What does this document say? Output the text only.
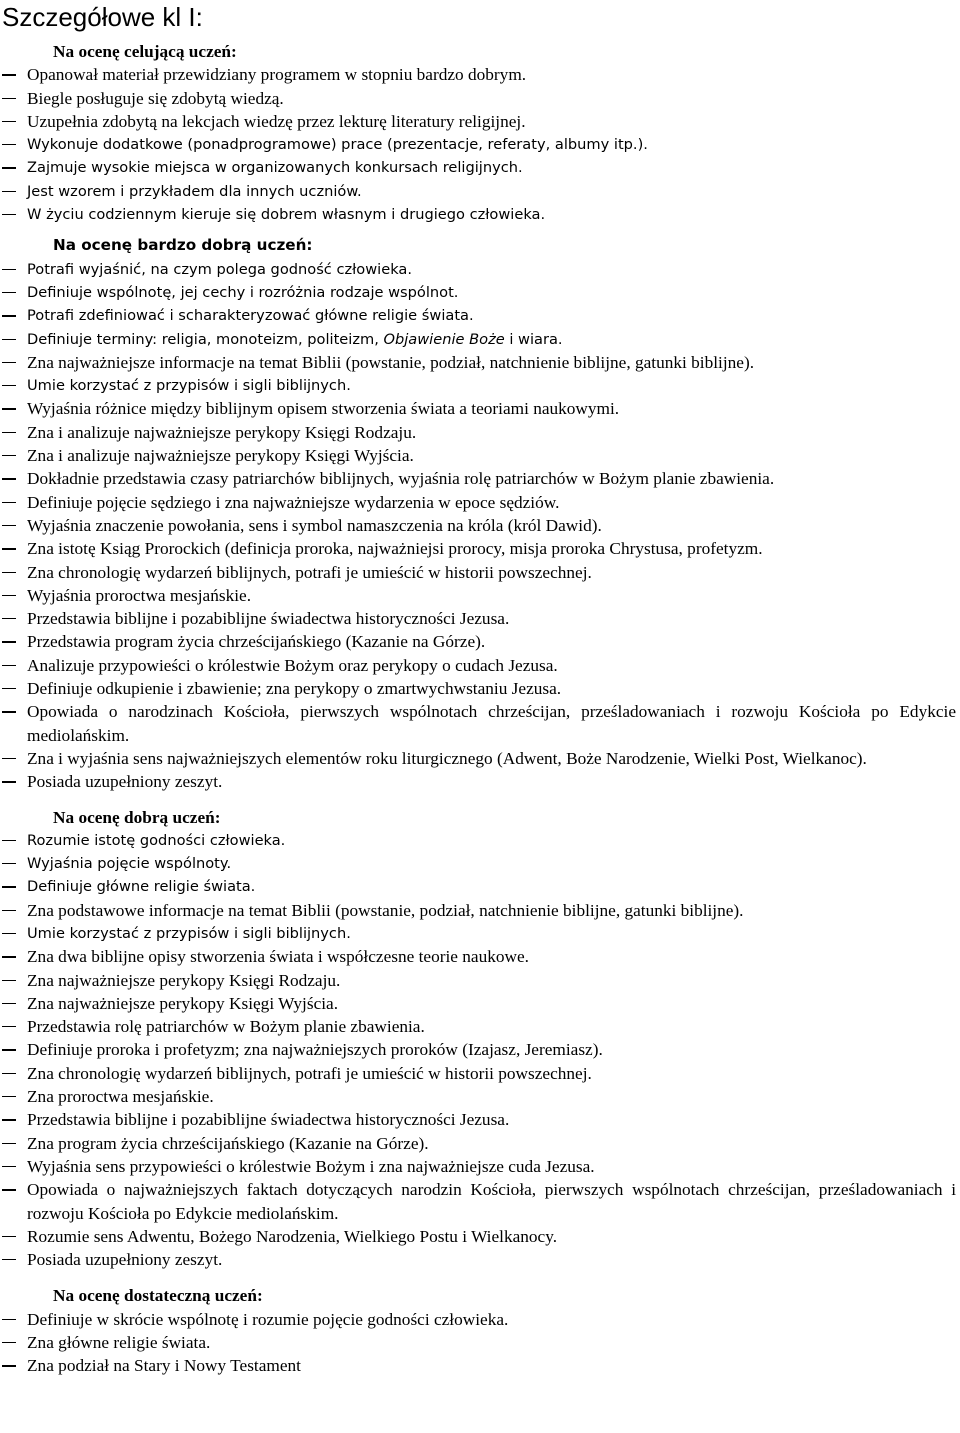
Szczegółowe kl I:

Na ocenę celującą uczeń:

Opanował materiał przewidziany programem w stopniu bardzo dobrym.
Biegle posługuje się zdobytą wiedzą.
Uzupełnia zdobytą na lekcjach wiedzę przez lekturę literatury religijnej.
Wykonuje dodatkowe (ponadprogramowe) prace (prezentacje, referaty, albumy itp.).
Zajmuje wysokie miejsca w organizowanych konkursach religijnych.
Jest wzorem i przykładem dla innych uczniów.
W życiu codziennym kieruje się dobrem własnym i drugiego człowieka.

Na ocenę bardzo dobrą uczeń:

Potrafi wyjaśnić, na czym polega godność człowieka.
Definiuje wspólnotę, jej cechy i rozróżnia rodzaje wspólnot.
Potrafi zdefiniować i scharakteryzować główne religie świata.
Definiuje terminy: religia, monoteizm, politeizm, Objawienie Boże i wiara.
Zna najważniejsze informacje na temat Biblii (powstanie, podział, natchnienie biblijne, gatunki biblijne).
Umie korzystać z przypisów i sigli biblijnych.
Wyjaśnia różnice między biblijnym opisem stworzenia świata a teoriami naukowymi.
Zna i analizuje najważniejsze perykopy Księgi Rodzaju.
Zna i analizuje najważniejsze perykopy Księgi Wyjścia.
Dokładnie przedstawia czasy patriarchów biblijnych, wyjaśnia rolę patriarchów w Bożym planie zbawienia.
Definiuje pojęcie sędziego i zna najważniejsze wydarzenia w epoce sędziów.
Wyjaśnia znaczenie powołania, sens i symbol namaszczenia na króla (król Dawid).
Zna istotę Ksiąg Prorockich (definicja proroka, najważniejsi prorocy, misja proroka Chrystusa, profetyzm.
Zna chronologię wydarzeń biblijnych, potrafi je umieścić w historii powszechnej.
Wyjaśnia proroctwa mesjańskie.
Przedstawia biblijne i pozabiblijne świadectwa historyczności Jezusa.
Przedstawia program życia chrześcijańskiego (Kazanie na Górze).
Analizuje przypowieści o królestwie Bożym oraz perykopy o cudach Jezusa.
Definiuje odkupienie i zbawienie; zna perykopy o zmartwychwstaniu Jezusa.
Opowiada o narodzinach Kościoła, pierwszych wspólnotach chrześcijan, prześladowaniach i rozwoju Kościoła po Edykcie mediolańskim.
Zna i wyjaśnia sens najważniejszych elementów roku liturgicznego (Adwent, Boże Narodzenie, Wielki Post, Wielkanoc).
Posiada uzupełniony zeszyt.

Na ocenę dobrą uczeń:

Rozumie istotę godności człowieka.
Wyjaśnia pojęcie wspólnoty.
Definiuje główne religie świata.
Zna podstawowe informacje na temat Biblii (powstanie, podział, natchnienie biblijne, gatunki biblijne).
Umie korzystać z przypisów i sigli biblijnych.
Zna dwa biblijne opisy stworzenia świata i współczesne teorie naukowe.
Zna najważniejsze perykopy Księgi Rodzaju.
Zna najważniejsze perykopy Księgi Wyjścia.
Przedstawia rolę patriarchów w Bożym planie zbawienia.
Definiuje proroka i profetyzm; zna najważniejszych proroków (Izajasz, Jeremiasz).
Zna chronologię wydarzeń biblijnych, potrafi je umieścić w historii powszechnej.
Zna proroctwa mesjańskie.
Przedstawia biblijne i pozabiblijne świadectwa historyczności Jezusa.
Zna program życia chrześcijańskiego (Kazanie na Górze).
Wyjaśnia sens przypowieści o królestwie Bożym i zna najważniejsze cuda Jezusa.
Opowiada o najważniejszych faktach dotyczących narodzin Kościoła, pierwszych wspólnotach chrześcijan, prześladowaniach i rozwoju Kościoła po Edykcie mediolańskim.
Rozumie sens Adwentu, Bożego Narodzenia, Wielkiego Postu i Wielkanocy.
Posiada uzupełniony zeszyt.

Na ocenę dostateczną uczeń:

Definiuje w skrócie wspólnotę i rozumie pojęcie godności człowieka.
Zna główne religie świata.
Zna podział na Stary i Nowy Testament
